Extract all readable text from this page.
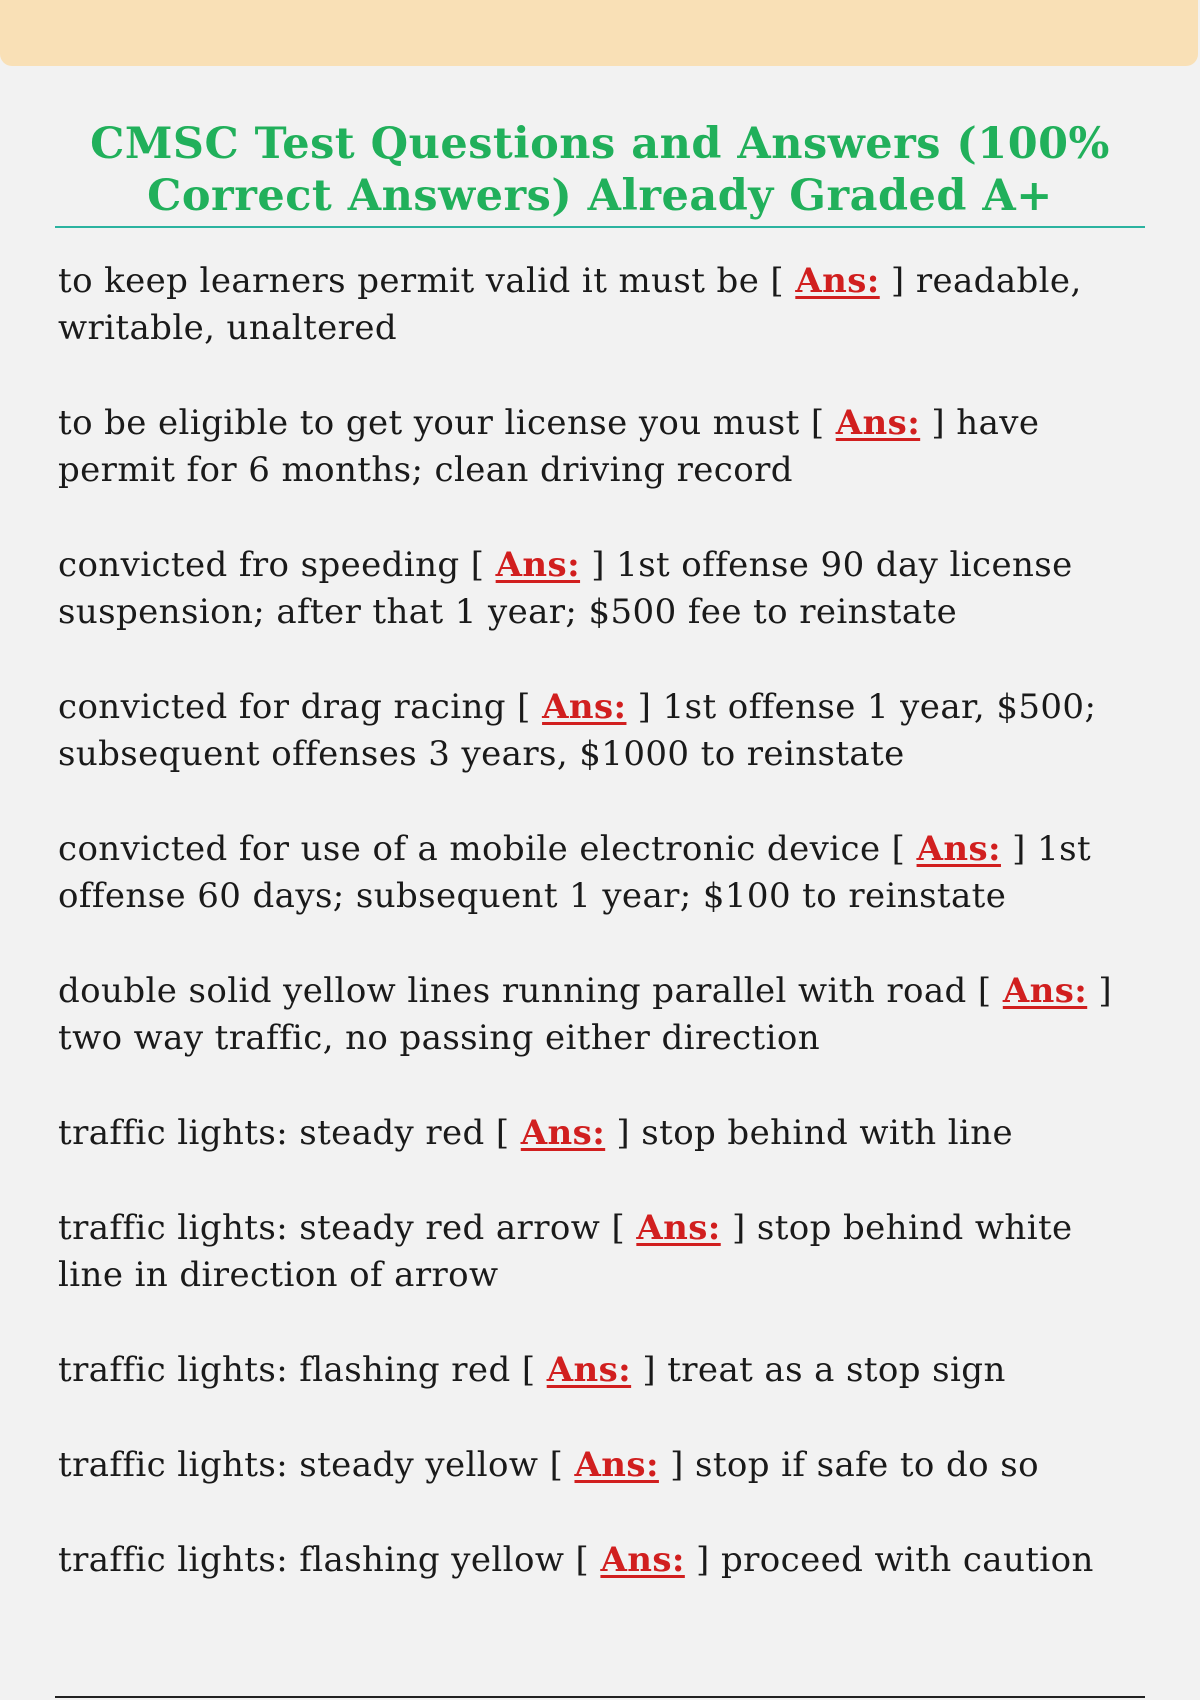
CMSC Test Questions and Answers (100% Correct Answers) Already Graded A+

to keep learners permit valid it must be [ Ans: ] readable, writable, unaltered

to be eligible to get your license you must [ Ans: ] have permit for 6 months; clean driving record

convicted fro speeding [ Ans: ] 1st offense 90 day license suspension; after that 1 year; $500 fee to reinstate

convicted for drag racing [ Ans: ] 1st offense 1 year, $500; subsequent offenses 3 years, $1000 to reinstate

convicted for use of a mobile electronic device [ Ans: ] 1st offense 60 days; subsequent 1 year; $100 to reinstate

double solid yellow lines running parallel with road [ Ans: ] two way traffic, no passing either direction

traffic lights: steady red [ Ans: ] stop behind with line

traffic lights: steady red arrow [ Ans: ] stop behind white line in direction of arrow

traffic lights: flashing red [ Ans: ] treat as a stop sign

traffic lights: steady yellow [ Ans: ] stop if safe to do so

traffic lights: flashing yellow [ Ans: ] proceed with caution
